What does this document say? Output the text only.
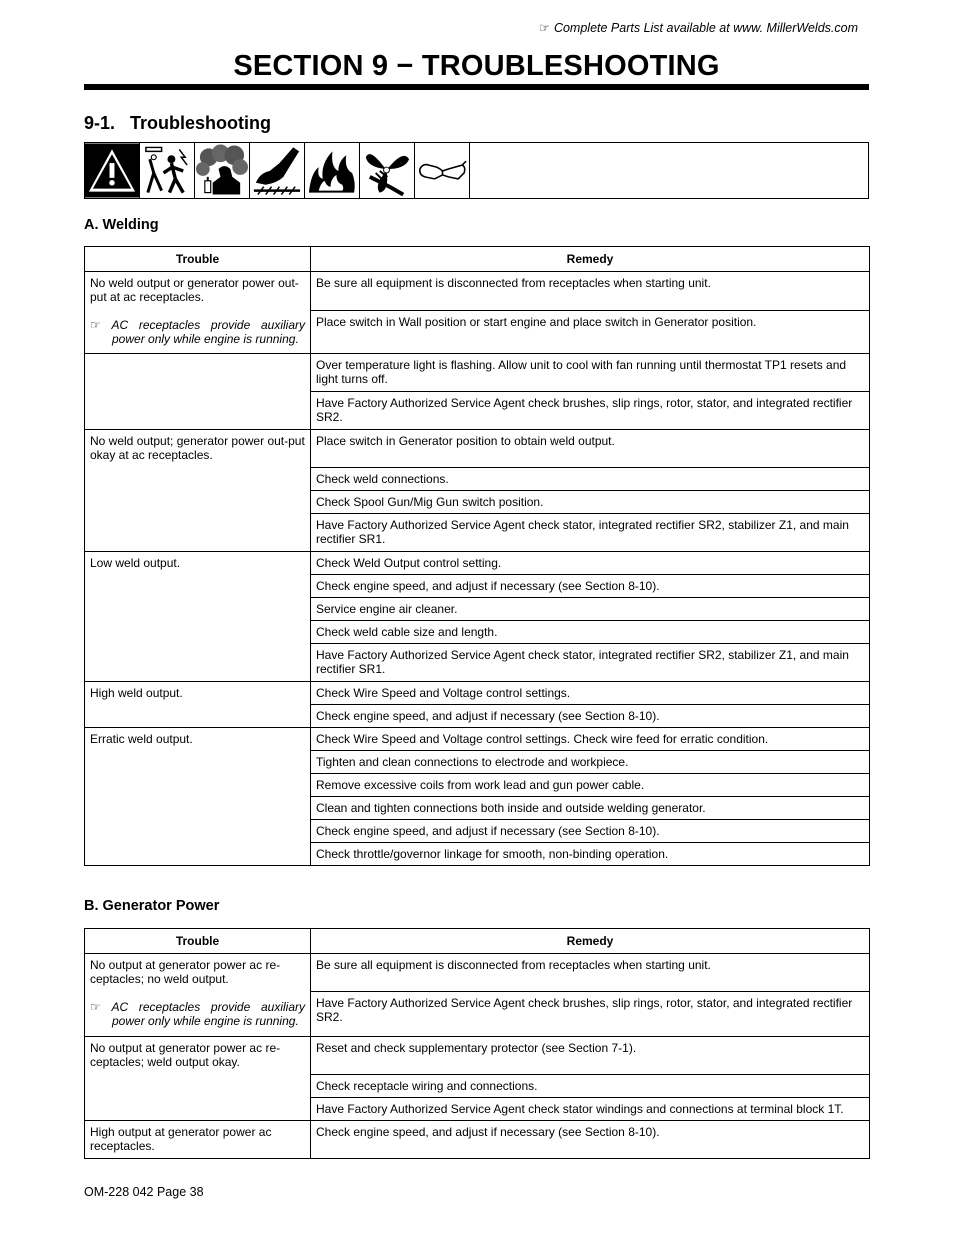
☞ Complete Parts List available at www. MillerWelds.com
SECTION 9 − TROUBLESHOOTING
9-1. Troubleshooting
A. Welding
Trouble	Remedy

No weld output or generator power out-put at ac receptacles.
☞ AC receptacles provide auxiliary power only while engine is running.	Be sure all equipment is disconnected from receptacles when starting unit.
	Place switch in Wall position or start engine and place switch in Generator position.
	Over temperature light is flashing. Allow unit to cool with fan running until thermostat TP1 resets and light turns off.
	Have Factory Authorized Service Agent check brushes, slip rings, rotor, stator, and integrated rectifier SR2.
No weld output; generator power out-put okay at ac receptacles.	Place switch in Generator position to obtain weld output.
	Check weld connections.
	Check Spool Gun/Mig Gun switch position.
	Have Factory Authorized Service Agent check stator, integrated rectifier SR2, stabilizer Z1, and main rectifier SR1.
Low weld output.	Check Weld Output control setting.
	Check engine speed, and adjust if necessary (see Section 8-10).
	Service engine air cleaner.
	Check weld cable size and length.
	Have Factory Authorized Service Agent check stator, integrated rectifier SR2, stabilizer Z1, and main rectifier SR1.
High weld output.	Check Wire Speed and Voltage control settings.
	Check engine speed, and adjust if necessary (see Section 8-10).
Erratic weld output.	Check Wire Speed and Voltage control settings. Check wire feed for erratic condition.
	Tighten and clean connections to electrode and workpiece.
	Remove excessive coils from work lead and gun power cable.
	Clean and tighten connections both inside and outside welding generator.
	Check engine speed, and adjust if necessary (see Section 8-10).
	Check throttle/governor linkage for smooth, non-binding operation.
B. Generator Power
Trouble	Remedy

No output at generator power ac re-ceptacles; no weld output.
☞ AC receptacles provide auxiliary power only while engine is running.	Be sure all equipment is disconnected from receptacles when starting unit.
	Have Factory Authorized Service Agent check brushes, slip rings, rotor, stator, and integrated rectifier SR2.
No output at generator power ac re-ceptacles; weld output okay.	Reset and check supplementary protector (see Section 7-1).
	Check receptacle wiring and connections.
	Have Factory Authorized Service Agent check stator windings and connections at terminal block 1T.
High output at generator power ac receptacles.	Check engine speed, and adjust if necessary (see Section 8-10).
OM-228 042 Page 38
